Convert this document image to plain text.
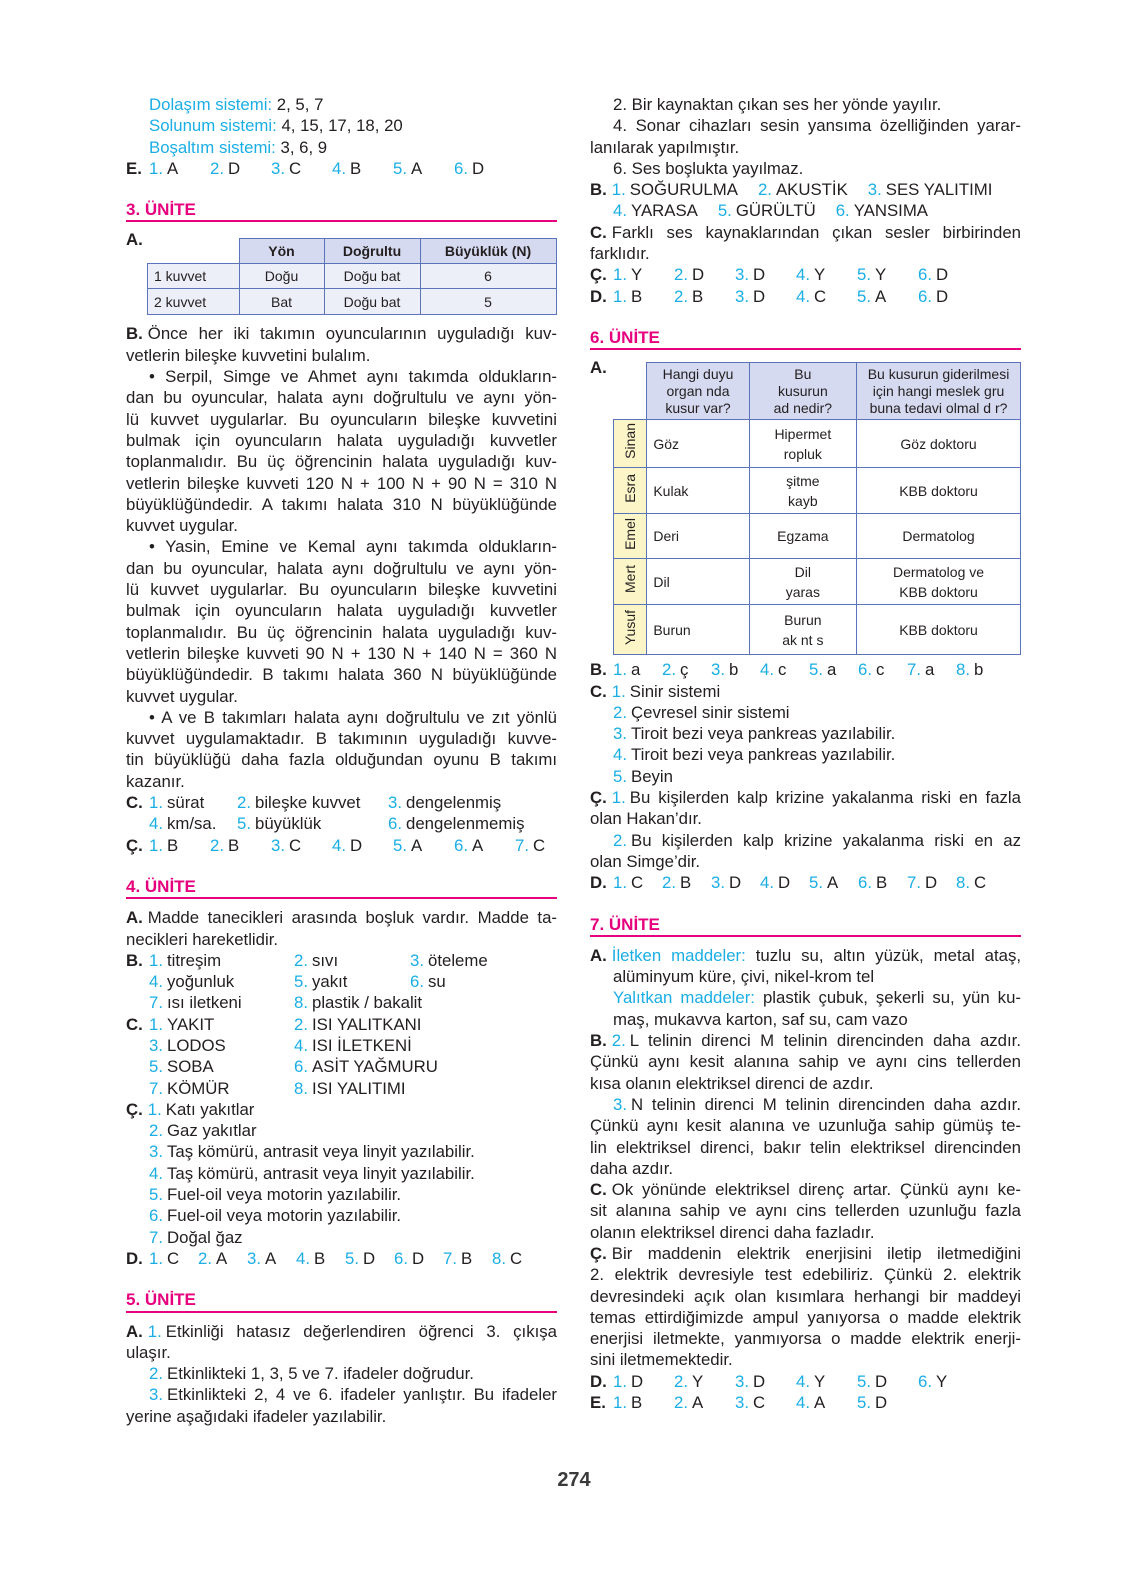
Dolaşım sistemi: 2, 5, 7
Solunum sistemi: 4, 15, 17, 18, 20
Boşaltım sistemi: 3, 6, 9
E. 1. A 2. D 3. C 4. B 5. A 6. D
3. ÜNİTE
A.
	Yön	Doğrultu	Büyüklük (N)
1 kuvvet	Doğu	Doğu bat	6
2 kuvvet	Bat	Doğu bat	5
B. Önce her iki takımın oyuncularının uyguladığı kuv-
vetlerin bileşke kuvvetini bulalım.
• Serpil, Simge ve Ahmet aynı takımda oldukların-
dan bu oyuncular, halata aynı doğrultulu ve aynı yön-
lü kuvvet uygularlar. Bu oyuncuların bileşke kuvvetini
bulmak için oyuncuların halata uyguladığı kuvvetler
toplanmalıdır. Bu üç öğrencinin halata uyguladığı kuv-
vetlerin bileşke kuvveti 120 N + 100 N + 90 N = 310 N
büyüklüğündedir. A takımı halata 310 N büyüklüğünde
kuvvet uygular.
• Yasin, Emine ve Kemal aynı takımda oldukların-
dan bu oyuncular, halata aynı doğrultulu ve aynı yön-
lü kuvvet uygularlar. Bu oyuncuların bileşke kuvvetini
bulmak için oyuncuların halata uyguladığı kuvvetler
toplanmalıdır. Bu üç öğrencinin halata uyguladığı kuv-
vetlerin bileşke kuvveti 90 N + 130 N + 140 N = 360 N
büyüklüğündedir. B takımı halata 360 N büyüklüğünde
kuvvet uygular.
• A ve B takımları halata aynı doğrultulu ve zıt yönlü
kuvvet uygulamaktadır. B takımının uyguladığı kuvve-
tin büyüklüğü daha fazla olduğundan oyunu B takımı
kazanır.
C. 1. sürat 2. bileşke kuvvet 3. dengelenmiş
4. km/sa. 5. büyüklük	6. dengelenmemiş
Ç. 1. B 2. B 3. C 4. D 5. A 6. A 7. C
4. ÜNİTE
A. Madde tanecikleri arasında boşluk vardır. Madde ta-
necikleri hareketlidir.
B. 1. titreşim	2. sıvı	3. öteleme
4. yoğunluk	5. yakıt	6. su
7. ısı iletkeni	8. plastik / bakalit
C. 1. YAKIT	2. ISI YALITKANI
3. LODOS	4. ISI İLETKENİ
5. SOBA	6. ASİT YAĞMURU
7. KÖMÜR	8. ISI YALITIMI
Ç. 1. Katı yakıtlar
2. Gaz yakıtlar
3. Taş kömürü, antrasit veya linyit yazılabilir.
4. Taş kömürü, antrasit veya linyit yazılabilir.
5. Fuel-oil veya motorin yazılabilir.
6. Fuel-oil veya motorin yazılabilir.
7. Doğal ğaz
D. 1. C 2. A 3. A 4. B 5. D 6. D 7. B 8. C
5. ÜNİTE
A. 1. Etkinliği hatasız değerlendiren öğrenci 3. çıkışa
ulaşır.
2. Etkinlikteki 1, 3, 5 ve 7. ifadeler doğrudur.
3. Etkinlikteki 2, 4 ve 6. ifadeler yanlıştır. Bu ifadeler
yerine aşağıdaki ifadeler yazılabilir.
2. Bir kaynaktan çıkan ses her yönde yayılır.
4. Sonar cihazları sesin yansıma özelliğinden yarar-
lanılarak yapılmıştır.
6. Ses boşlukta yayılmaz.
B. 1. SOĞURULMA 2. AKUSTİK 3. SES YALITIMI
4. YARASA 5. GÜRÜLTÜ 6. YANSIMA
C. Farklı ses kaynaklarından çıkan sesler birbirinden
farklıdır.
Ç. 1. Y 2. D 3. D 4. Y 5. Y 6. D
D. 1. B 2. B 3. D 4. C 5. A 6. D
6. ÜNİTE
A.
		Hangi duyu
organ nda
kusur var?	Bu
kusurun
ad nedir?	Bu kusurun giderilmesi
için hangi meslek gru
buna tedavi olmal d r?
Sinan	Göz	Hipermet
ropluk	Göz doktoru
Esra	Kulak	şitme
kayb	KBB doktoru
Emel	Deri	Egzama	Dermatolog
Mert	Dil	Dil
yaras	Dermatolog ve
KBB doktoru
Yusuf	Burun	Burun
ak nt s	KBB doktoru
B. 1. a 2. ç 3. b 4. c 5. a 6. c 7. a 8. b
C. 1. Sinir sistemi
2. Çevresel sinir sistemi
3. Tiroit bezi veya pankreas yazılabilir.
4. Tiroit bezi veya pankreas yazılabilir.
5. Beyin
Ç. 1. Bu kişilerden kalp krizine yakalanma riski en fazla
olan Hakan’dır.
2. Bu kişilerden kalp krizine yakalanma riski en az
olan Simge’dir.
D. 1. C 2. B 3. D 4. D 5. A 6. B 7. D 8. C
7. ÜNİTE
A. İletken maddeler: tuzlu su, altın yüzük, metal ataş,
alüminyum küre, çivi, nikel-krom tel
Yalıtkan maddeler: plastik çubuk, şekerli su, yün ku-
maş, mukavva karton, saf su, cam vazo
B. 2. L telinin direnci M telinin direncinden daha azdır.
Çünkü aynı kesit alanına sahip ve aynı cins tellerden
kısa olanın elektriksel direnci de azdır.
3. N telinin direnci M telinin direncinden daha azdır.
Çünkü aynı kesit alanına ve uzunluğa sahip gümüş te-
lin elektriksel direnci, bakır telin elektriksel direncinden
daha azdır.
C. Ok yönünde elektriksel direnç artar. Çünkü aynı ke-
sit alanına sahip ve aynı cins tellerden uzunluğu fazla
olanın elektriksel direnci daha fazladır.
Ç. Bir maddenin elektrik enerjisini iletip iletmediğini
2. elektrik devresiyle test edebiliriz. Çünkü 2. elektrik
devresindeki açık olan kısımlara herhangi bir maddeyi
temas ettirdiğimizde ampul yanıyorsa o madde elektrik
enerjisi iletmekte, yanmıyorsa o madde elektrik enerji-
sini iletmemektedir.
D. 1. D 2. Y 3. D 4. Y 5. D 6. Y
E. 1. B 2. A 3. C 4. A 5. D
274
